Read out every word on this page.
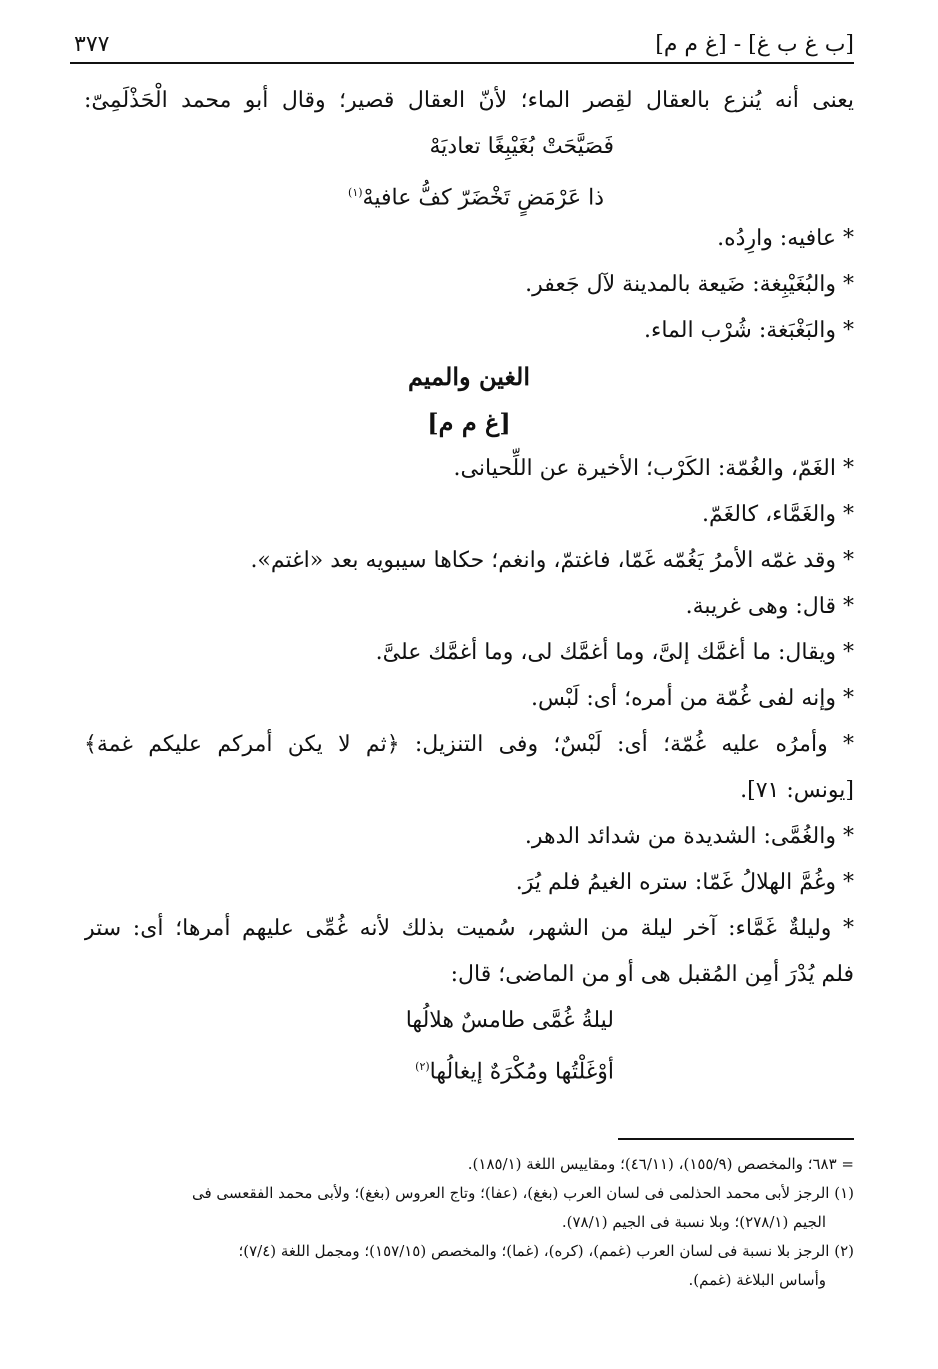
[ب غ ب غ] - [غ م م]
٣٧٧
يعنى أنه يُنزع بالعقال لقِصر الماء؛ لأنّ العقال قصير؛ وقال أبو محمد الْحَذْلَمِىّ:
فَصَيَّحَتْ بُغَيْبِغًا تعاديَهْ
ذا عَرْمَضٍ تَخْضَرّ كفُّ عافيهْ$^{(١)}$
* عافيه: وارِدُه.
* والبُغَيْبِغة: ضَيعة بالمدينة لآل جَعفر.
* والبَغْبَغة: شُرْب الماء.
الغين والميم
[غ م م]
* الغَمّ، والغُمّة: الكَرْب؛ الأخيرة عن اللِّحيانى.
* والغَمَّاء، كالغَمّ.
* وقد غمّه الأمرُ يَغُمّه غَمّا، فاغتمّ، وانغم؛ حكاها سيبويه بعد «اغتم».
* قال: وهى غريبة.
* ويقال: ما أغمَّك إلىَّ، وما أغمَّك لى، وما أغمَّك علىَّ.
* وإنه لفى غُمّة من أمره؛ أى: لَبْس.
* وأمرُه عليه غُمّة؛ أى: لَبْسٌ؛ وفى التنزيل: ﴿ثم لا يكن أمركم عليكم غمة﴾
[يونس: ٧١].
* والغُمَّى: الشديدة من شدائد الدهر.
* وغُمَّ الهلالُ غَمّا: ستره الغيمُ فلم يُرَ.
* وليلةٌ غَمَّاء: آخر ليلة من الشهر، سُميت بذلك لأنه غُمِّى عليهم أمرها؛ أى: ستر
فلم يُدْرَ أمِن المُقبل هى أو من الماضى؛ قال:
ليلةُ غُمَّى طامسٌ هلالُها
أوْغَلْتُها ومُكْرَهٌ إيغالُها$^{(٢)}$
= ٦٨٣؛ والمخصص (١٥٥/٩)، (٤٦/١١)؛ ومقاييس اللغة (١٨٥/١).
(١) الرجز لأبى محمد الحذلمى فى لسان العرب (بغغ)، (عفا)؛ وتاج العروس (بغغ)؛ ولأبى محمد الفقعسى فى
الجيم (٢٧٨/١)؛ وبلا نسبة فى الجيم (٧٨/١).
(٢) الرجز بلا نسبة فى لسان العرب (غمم)، (كره)، (غما)؛ والمخصص (١٥٧/١٥)؛ ومجمل اللغة (٧/٤)؛
وأساس البلاغة (غمم).
